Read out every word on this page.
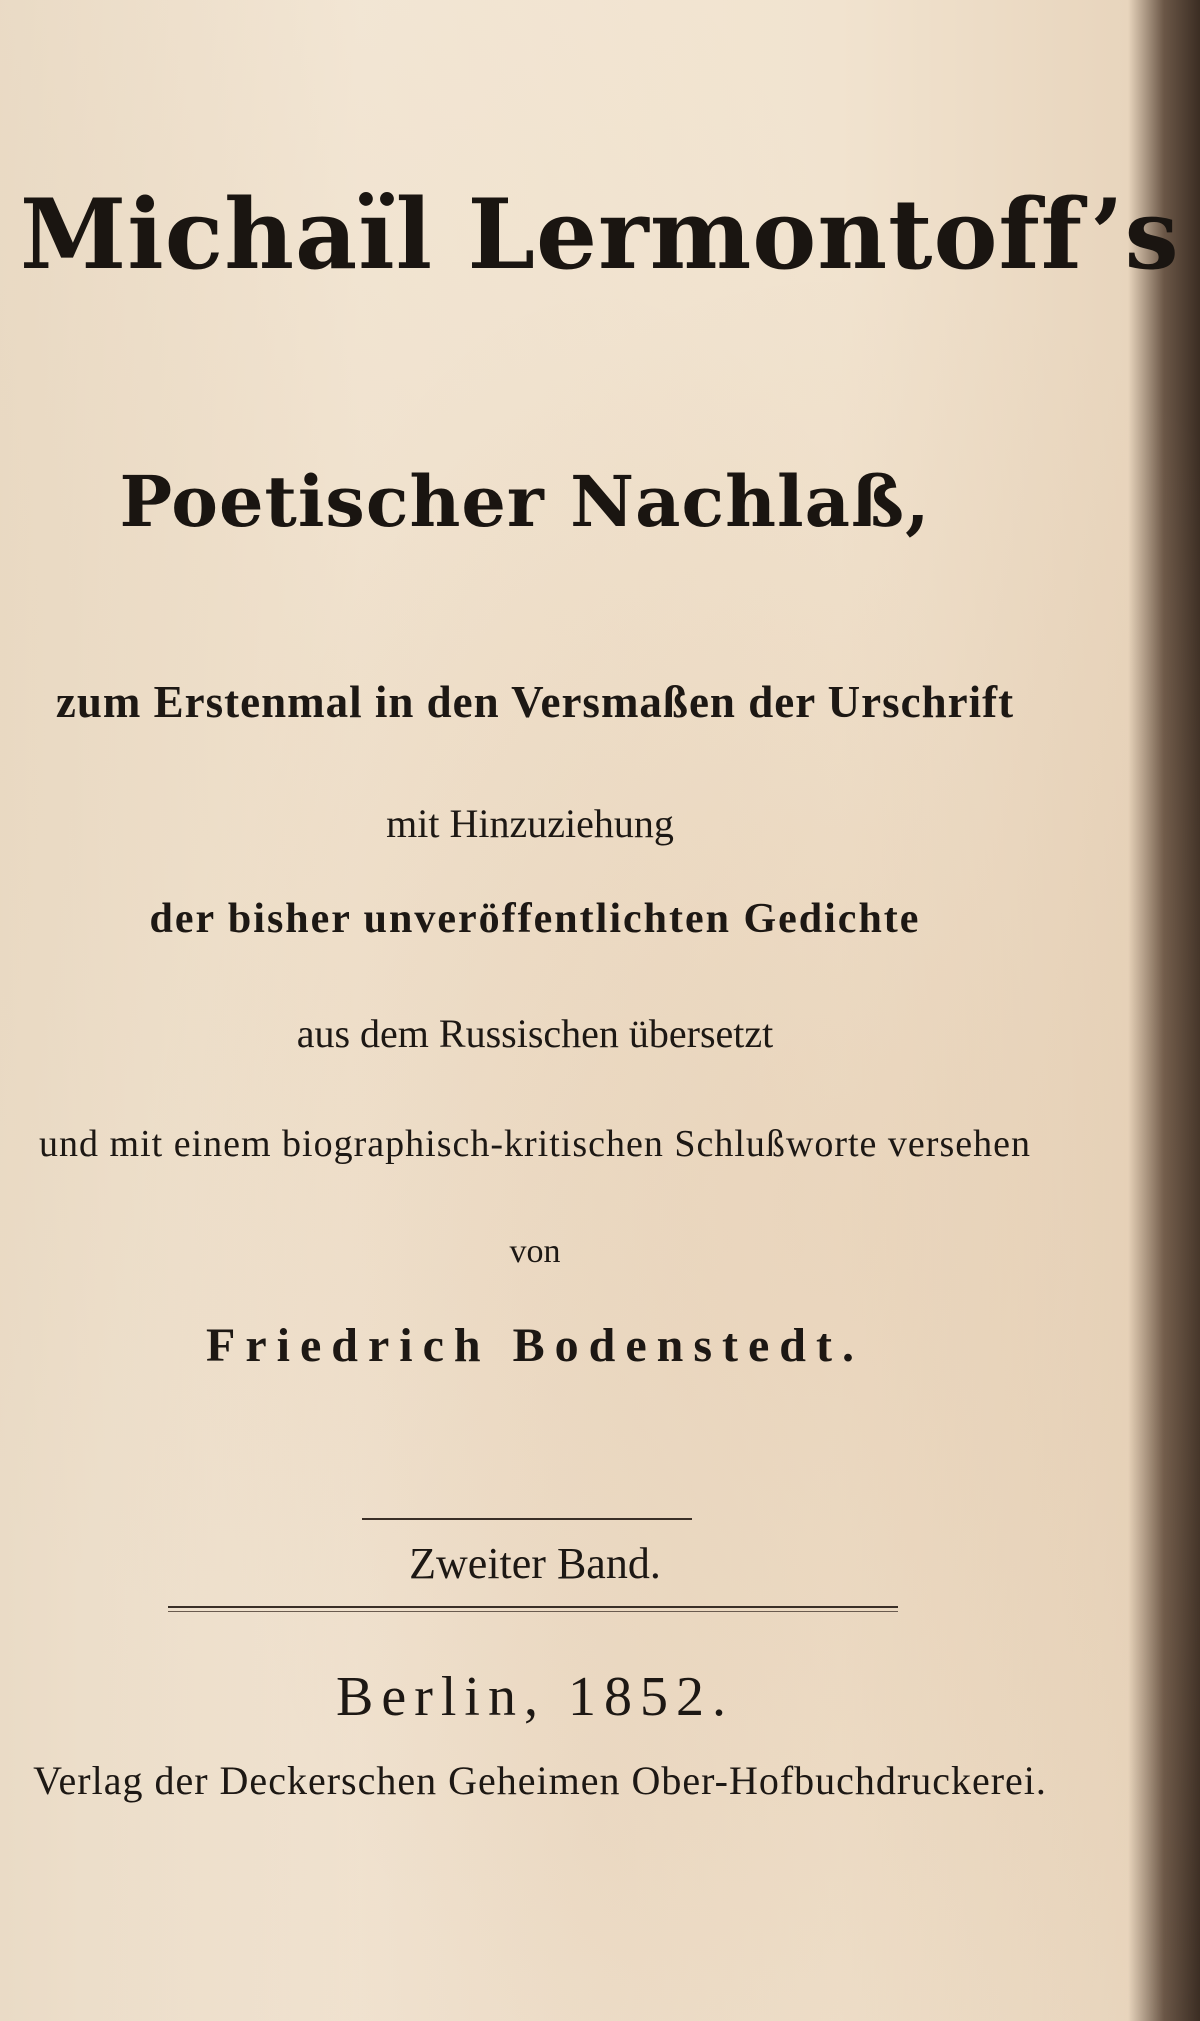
Michaïl Lermontoff’s
Poetischer Nachlaß,
zum Erstenmal in den Versmaßen der Urschrift
mit Hinzuziehung
der bisher unveröffentlichten Gedichte
aus dem Russischen übersetzt
und mit einem biographisch-kritischen Schlußworte versehen
von
Friedrich Bodenstedt.
Zweiter Band.
Berlin, 1852.
Verlag der Deckerschen Geheimen Ober-Hofbuchdruckerei.
